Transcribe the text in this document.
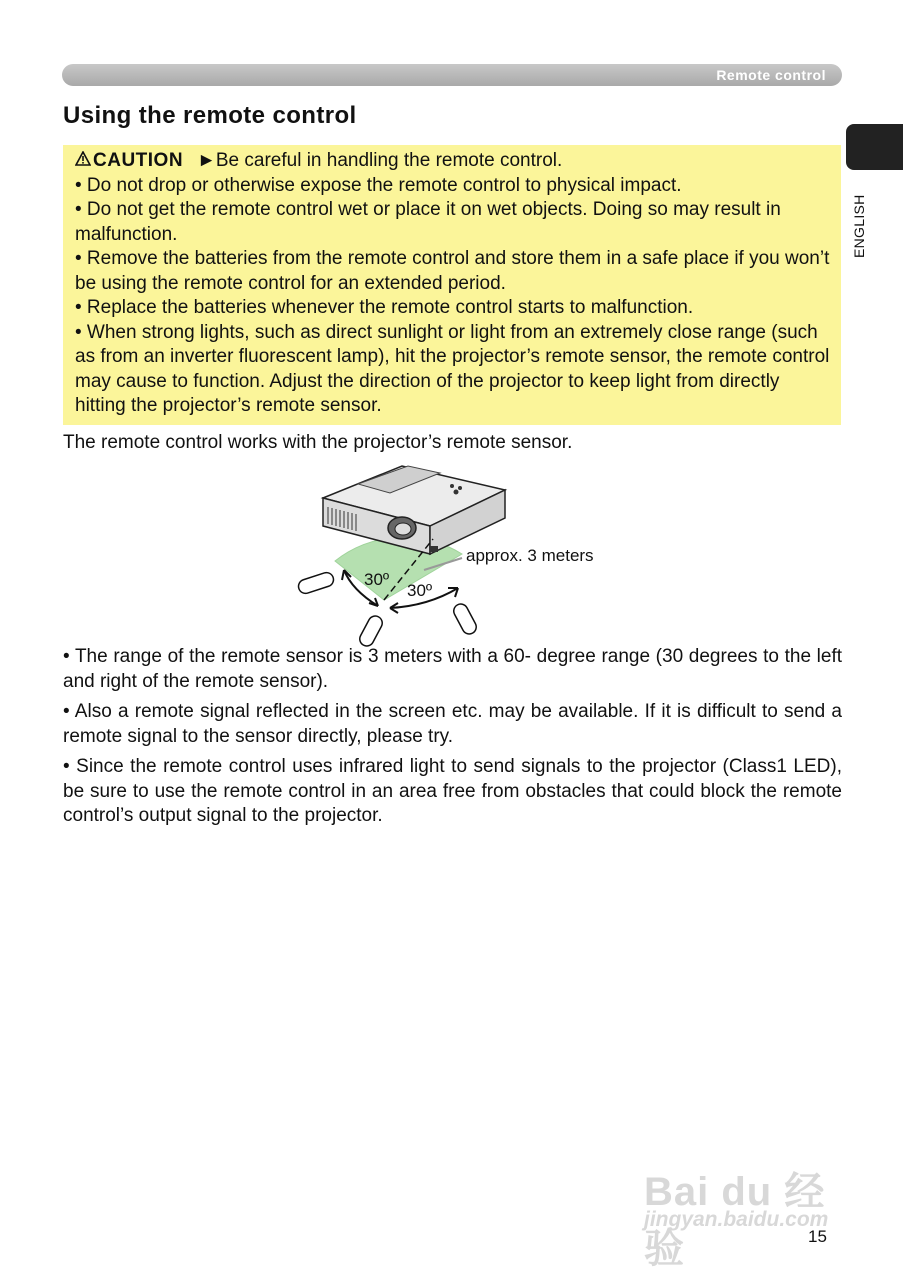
Remote control
ENGLISH
Using the remote control

CAUTION ►Be careful in handling the remote control.

• Do not drop or otherwise expose the remote control to physical impact.

• Do not get the remote control wet or place it on wet objects. Doing so may result in malfunction.

• Remove the batteries from the remote control and store them in a safe place if you won’t be using the remote control for an extended period.

• Replace the batteries whenever the remote control starts to malfunction.

• When strong lights, such as direct sunlight or light from an extremely close range (such as from an inverter fluorescent lamp), hit the projector’s remote sensor, the remote control may cause to function. Adjust the direction of the projector to keep light from directly hitting the projector’s remote sensor.

The remote control works with the projector’s remote sensor.

approx. 3 meters
30º
30º

• The range of the remote sensor is 3 meters with a 60- degree range (30 degrees to the left and right of the remote sensor).

• Also a remote signal reflected in the screen etc. may be available. If it is difficult to send a remote signal to the sensor directly, please try.

• Since the remote control uses infrared light to send signals to the projector (Class1 LED), be sure to use the remote control in an area free from obstacles that could block the remote control’s output signal to the projector.

Bai du 经验
jingyan.baidu.com
15
